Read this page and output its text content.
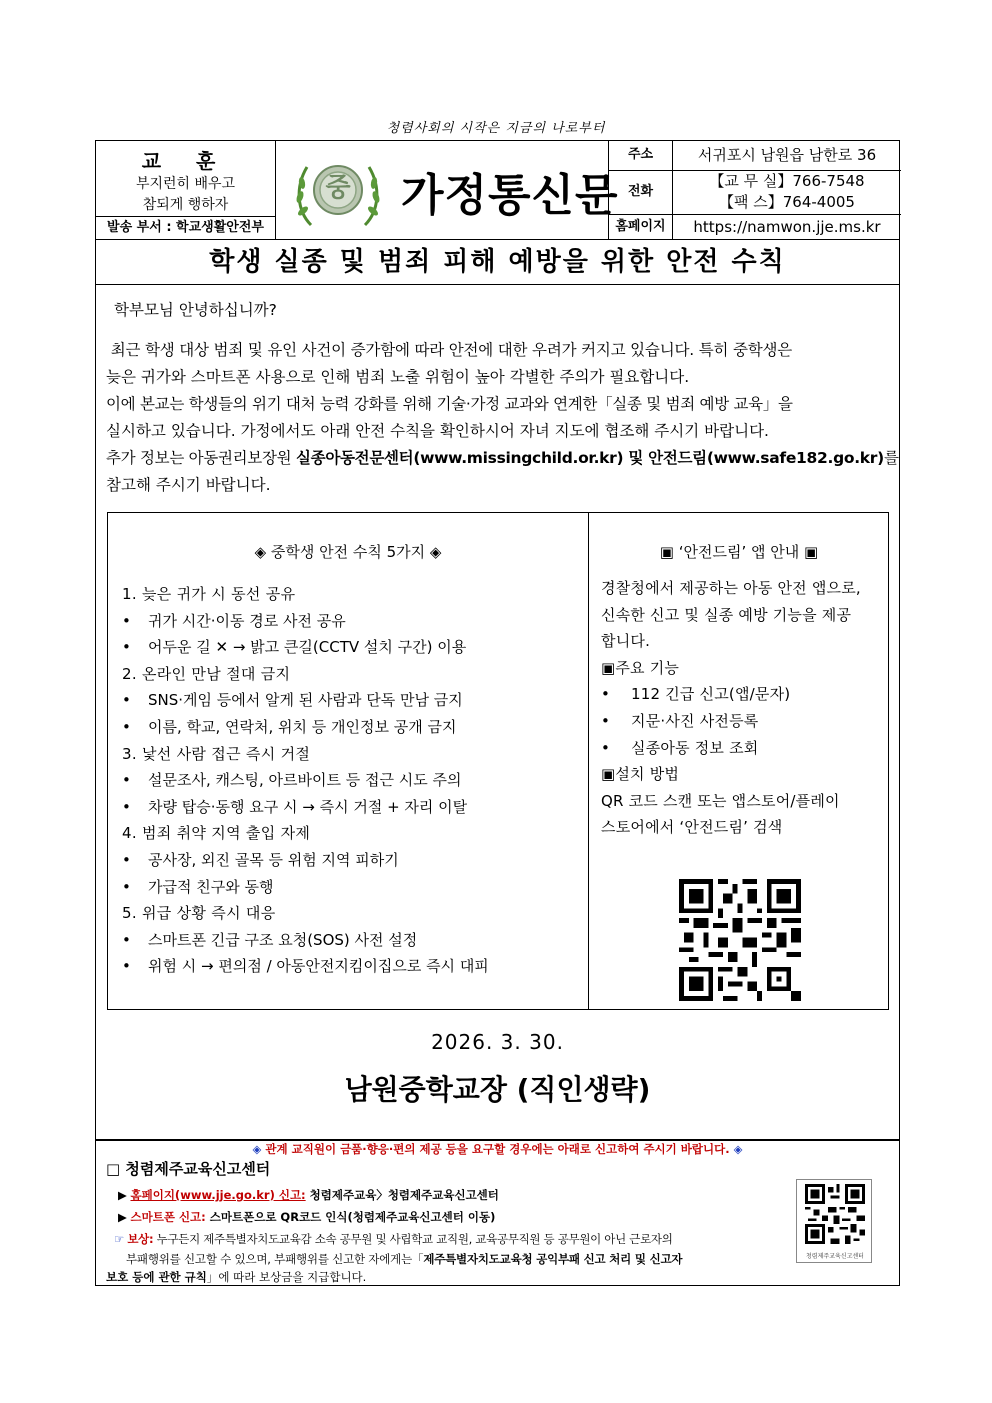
청렴사회의 시작은 지금의 나로부터
교 훈
부지런히 배우고
참되게 행하자
발송 부서 : 학교생활안전부
중 가정통신문
주소	서귀포시 남원읍 남한로 36
전화
【교 무 실】766-7548
【팩 스】764-4005
홈페이지	https://namwon.jje.ms.kr
학생 실종 및 범죄 피해 예방을 위한 안전 수칙
학부모님 안녕하십니까?
최근 학생 대상 범죄 및 유인 사건이 증가함에 따라 안전에 대한 우려가 커지고 있습니다. 특히 중학생은
늦은 귀가와 스마트폰 사용으로 인해 범죄 노출 위험이 높아 각별한 주의가 필요합니다.
이에 본교는 학생들의 위기 대처 능력 강화를 위해 기술·가정 교과와 연계한「실종 및 범죄 예방 교육」을
실시하고 있습니다. 가정에서도 아래 안전 수칙을 확인하시어 자녀 지도에 협조해 주시기 바랍니다.
추가 정보는 아동권리보장원 실종아동전문센터(www.missingchild.or.kr) 및 안전드림(www.safe182.go.kr)를
참고해 주시기 바랍니다.
◈ 중학생 안전 수칙 5가지 ◈
1. 늦은 귀가 시 동선 공유
• 귀가 시간·이동 경로 사전 공유
• 어두운 길 ✕ → 밝고 큰길(CCTV 설치 구간) 이용
2. 온라인 만남 절대 금지
• SNS·게임 등에서 알게 된 사람과 단독 만남 금지
• 이름, 학교, 연락처, 위치 등 개인정보 공개 금지
3. 낯선 사람 접근 즉시 거절
• 설문조사, 캐스팅, 아르바이트 등 접근 시도 주의
• 차량 탑승·동행 요구 시 → 즉시 거절 + 자리 이탈
4. 범죄 취약 지역 출입 자제
• 공사장, 외진 골목 등 위험 지역 피하기
• 가급적 친구와 동행
5. 위급 상황 즉시 대응
• 스마트폰 긴급 구조 요청(SOS) 사전 설정
• 위험 시 → 편의점 / 아동안전지킴이집으로 즉시 대피
▣ ‘안전드림’ 앱 안내 ▣
경찰청에서 제공하는 아동 안전 앱으로,
신속한 신고 및 실종 예방 기능을 제공
합니다.
▣주요 기능
• 112 긴급 신고(앱/문자)
• 지문·사진 사전등록
• 실종아동 정보 조회
▣설치 방법
QR 코드 스캔 또는 앱스토어/플레이
스토어에서 ‘안전드림’ 검색
2026. 3. 30.
남원중학교장 (직인생략)
◈ 관계 교직원이 금품·향응·편의 제공 등을 요구할 경우에는 아래로 신고하여 주시기 바랍니다. ◈
□ 청렴제주교육신고센터
▶ 홈페이지(www.jje.go.kr) 신고: 청렴제주교육〉청렴제주교육신고센터
▶ 스마트폰 신고: 스마트폰으로 QR코드 인식(청렴제주교육신고센터 이동)
☞ 보상: 누구든지 제주특별자치도교육감 소속 공무원 및 사립학교 교직원, 교육공무직원 등 공무원이 아닌 근로자의
부패행위를 신고할 수 있으며, 부패행위를 신고한 자에게는「제주특별자치도교육청 공익부패 신고 처리 및 신고자
보호 등에 관한 규칙」에 따라 보상금을 지급합니다.
청렴제주교육신고센터
